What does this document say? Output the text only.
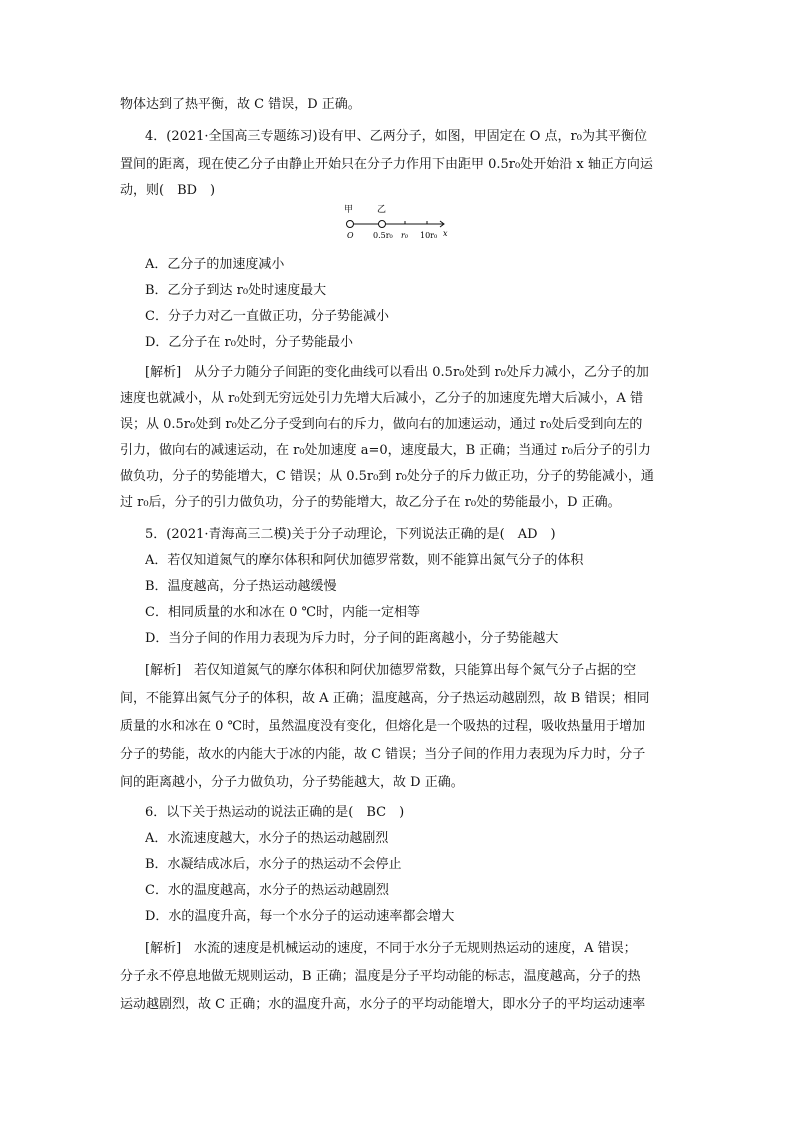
物体达到了热平衡，故 C 错误，D 正确。
4．(2021·全国高三专题练习)设有甲、乙两分子，如图，甲固定在 O 点，r₀为其平衡位
置间的距离，现在使乙分子由静止开始只在分子力作用下由距甲 0.5r₀处开始沿 x 轴正方向运
动，则(　BD　)
甲	乙
O 0.5r₀ r₀ 10r₀ x
A．乙分子的加速度减小
B．乙分子到达 r₀处时速度最大
C．分子力对乙一直做正功，分子势能减小
D．乙分子在 r₀处时，分子势能最小
[解析]　从分子力随分子间距的变化曲线可以看出 0.5r₀处到 r₀处斥力减小，乙分子的加
速度也就减小，从 r₀处到无穷远处引力先增大后减小，乙分子的加速度先增大后减小，A 错
误；从 0.5r₀处到 r₀处乙分子受到向右的斥力，做向右的加速运动，通过 r₀处后受到向左的
引力，做向右的减速运动，在 r₀处加速度 a=0，速度最大，B 正确；当通过 r₀后分子的引力
做负功，分子的势能增大，C 错误；从 0.5r₀到 r₀处分子的斥力做正功，分子的势能减小，通
过 r₀后，分子的引力做负功，分子的势能增大，故乙分子在 r₀处的势能最小，D 正确。
5．(2021·青海高三二模)关于分子动理论，下列说法正确的是(　AD　)
A．若仅知道氮气的摩尔体积和阿伏加德罗常数，则不能算出氮气分子的体积
B．温度越高，分子热运动越缓慢
C．相同质量的水和冰在 0 ℃时，内能一定相等
D．当分子间的作用力表现为斥力时，分子间的距离越小，分子势能越大
[解析]　若仅知道氮气的摩尔体积和阿伏加德罗常数，只能算出每个氮气分子占据的空
间，不能算出氮气分子的体积，故 A 正确；温度越高，分子热运动越剧烈，故 B 错误；相同
质量的水和冰在 0 ℃时，虽然温度没有变化，但熔化是一个吸热的过程，吸收热量用于增加
分子的势能，故水的内能大于冰的内能，故 C 错误；当分子间的作用力表现为斥力时，分子
间的距离越小，分子力做负功，分子势能越大，故 D 正确。
6．以下关于热运动的说法正确的是(　BC　)
A．水流速度越大，水分子的热运动越剧烈
B．水凝结成冰后，水分子的热运动不会停止
C．水的温度越高，水分子的热运动越剧烈
D．水的温度升高，每一个水分子的运动速率都会增大
[解析]　水流的速度是机械运动的速度，不同于水分子无规则热运动的速度，A 错误；
分子永不停息地做无规则运动，B 正确；温度是分子平均动能的标志，温度越高，分子的热
运动越剧烈，故 C 正确；水的温度升高，水分子的平均动能增大，即水分子的平均运动速率
